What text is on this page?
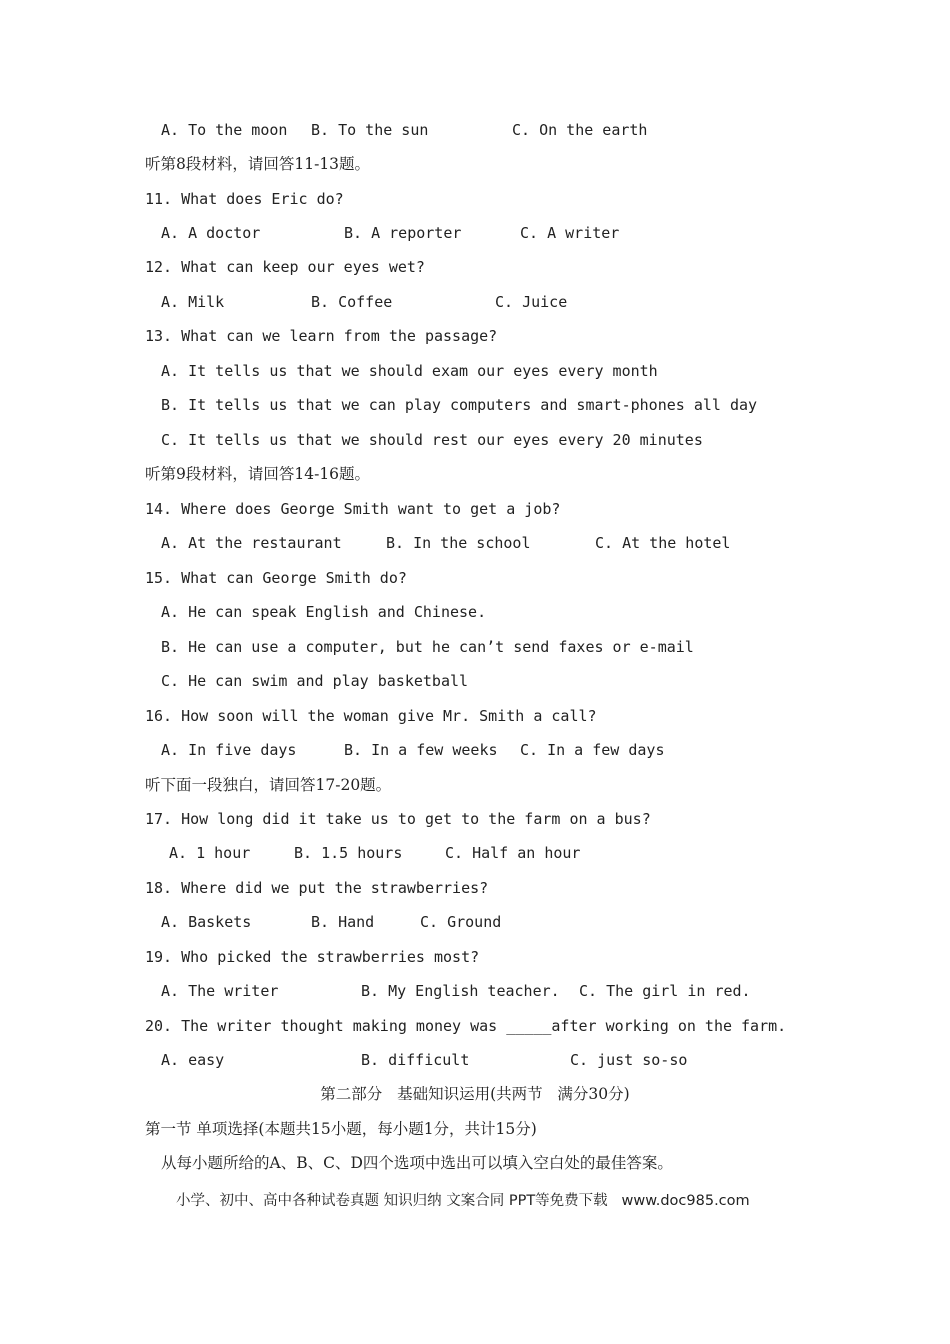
A. To the moon

B. To the sun

	C. On the earth

听第8段材料，请回答11-13题。
11. What does Eric do?

A. A doctor

	B. A reporter

	C. A writer

12. What can keep our eyes wet?

A. Milk

	B. Coffee

	C. Juice

13. What can we learn from the passage?
A. It tells us that we should exam our eyes every month
B. It tells us that we can play computers and smart-phones all day
C. It tells us that we should rest our eyes every 20 minutes
听第9段材料，请回答14-16题。
14. Where does George Smith want to get a job?

A. At the restaurant

	B. In the school

	C. At the hotel

15. What can George Smith do?
A. He can speak English and Chinese.
B. He can use a computer, but he can’t send faxes or e-mail
C. He can swim and play basketball
16. How soon will the woman give Mr. Smith a call?

A. In five days

	B. In a few weeks

C. In a few days

听下面一段独白，请回答17-20题。
17. How long did it take us to get to the farm on a bus?

A. 1 hour

	B. 1.5 hours

	C. Half an hour

18. Where did we put the strawberries?

A. Baskets

	B. Hand

	C. Ground

19. Who picked the strawberries most?

A. The writer

	B. My English teacher.

C. The girl in red.

20. The writer thought making money was _____after working on the farm.

A. easy

	B. difficult

	C. just so-so

第二部分   基础知识运用(共两节   满分30分)
第一节 单项选择(本题共15小题，每小题1分，共计15分)
从每小题所给的A、B、C、D四个选项中选出可以填入空白处的最佳答案。
小学、初中、高中各种试卷真题 知识归纳 文案合同 PPT等免费下载   www.doc985.com
